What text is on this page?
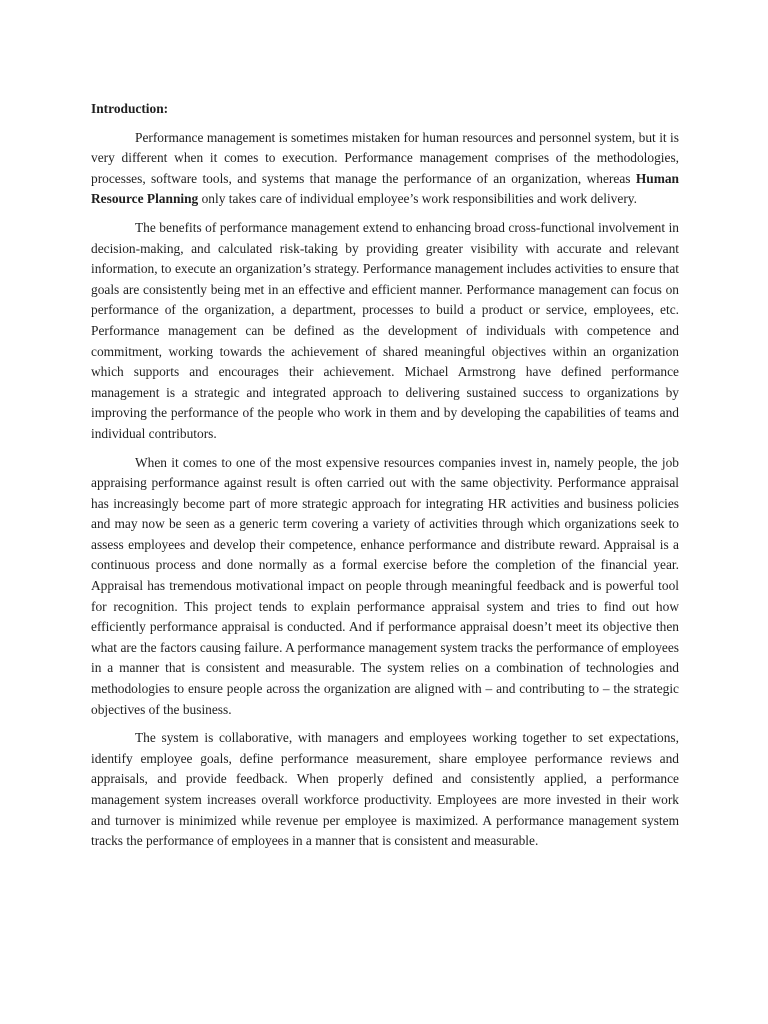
Introduction:

Performance management is sometimes mistaken for human resources and personnel system, but it is very different when it comes to execution. Performance management comprises of the methodologies, processes, software tools, and systems that manage the performance of an organization, whereas Human Resource Planning only takes care of individual employee’s work responsibilities and work delivery.

The benefits of performance management extend to enhancing broad cross-functional involvement in decision-making, and calculated risk-taking by providing greater visibility with accurate and relevant information, to execute an organization’s strategy. Performance management includes activities to ensure that goals are consistently being met in an effective and efficient manner. Performance management can focus on performance of the organization, a department, processes to build a product or service, employees, etc. Performance management can be defined as the development of individuals with competence and commitment, working towards the achievement of shared meaningful objectives within an organization which supports and encourages their achievement. Michael Armstrong have defined performance management is a strategic and integrated approach to delivering sustained success to organizations by improving the performance of the people who work in them and by developing the capabilities of teams and individual contributors.

When it comes to one of the most expensive resources companies invest in, namely people, the job appraising performance against result is often carried out with the same objectivity. Performance appraisal has increasingly become part of more strategic approach for integrating HR activities and business policies and may now be seen as a generic term covering a variety of activities through which organizations seek to assess employees and develop their competence, enhance performance and distribute reward. Appraisal is a continuous process and done normally as a formal exercise before the completion of the financial year. Appraisal has tremendous motivational impact on people through meaningful feedback and is powerful tool for recognition. This project tends to explain performance appraisal system and tries to find out how efficiently performance appraisal is conducted. And if performance appraisal doesn’t meet its objective then what are the factors causing failure. A performance management system tracks the performance of employees in a manner that is consistent and measurable. The system relies on a combination of technologies and methodologies to ensure people across the organization are aligned with – and contributing to – the strategic objectives of the business.

The system is collaborative, with managers and employees working together to set expectations, identify employee goals, define performance measurement, share employee performance reviews and appraisals, and provide feedback. When properly defined and consistently applied, a performance management system increases overall workforce productivity. Employees are more invested in their work and turnover is minimized while revenue per employee is maximized. A performance management system tracks the performance of employees in a manner that is consistent and measurable.
